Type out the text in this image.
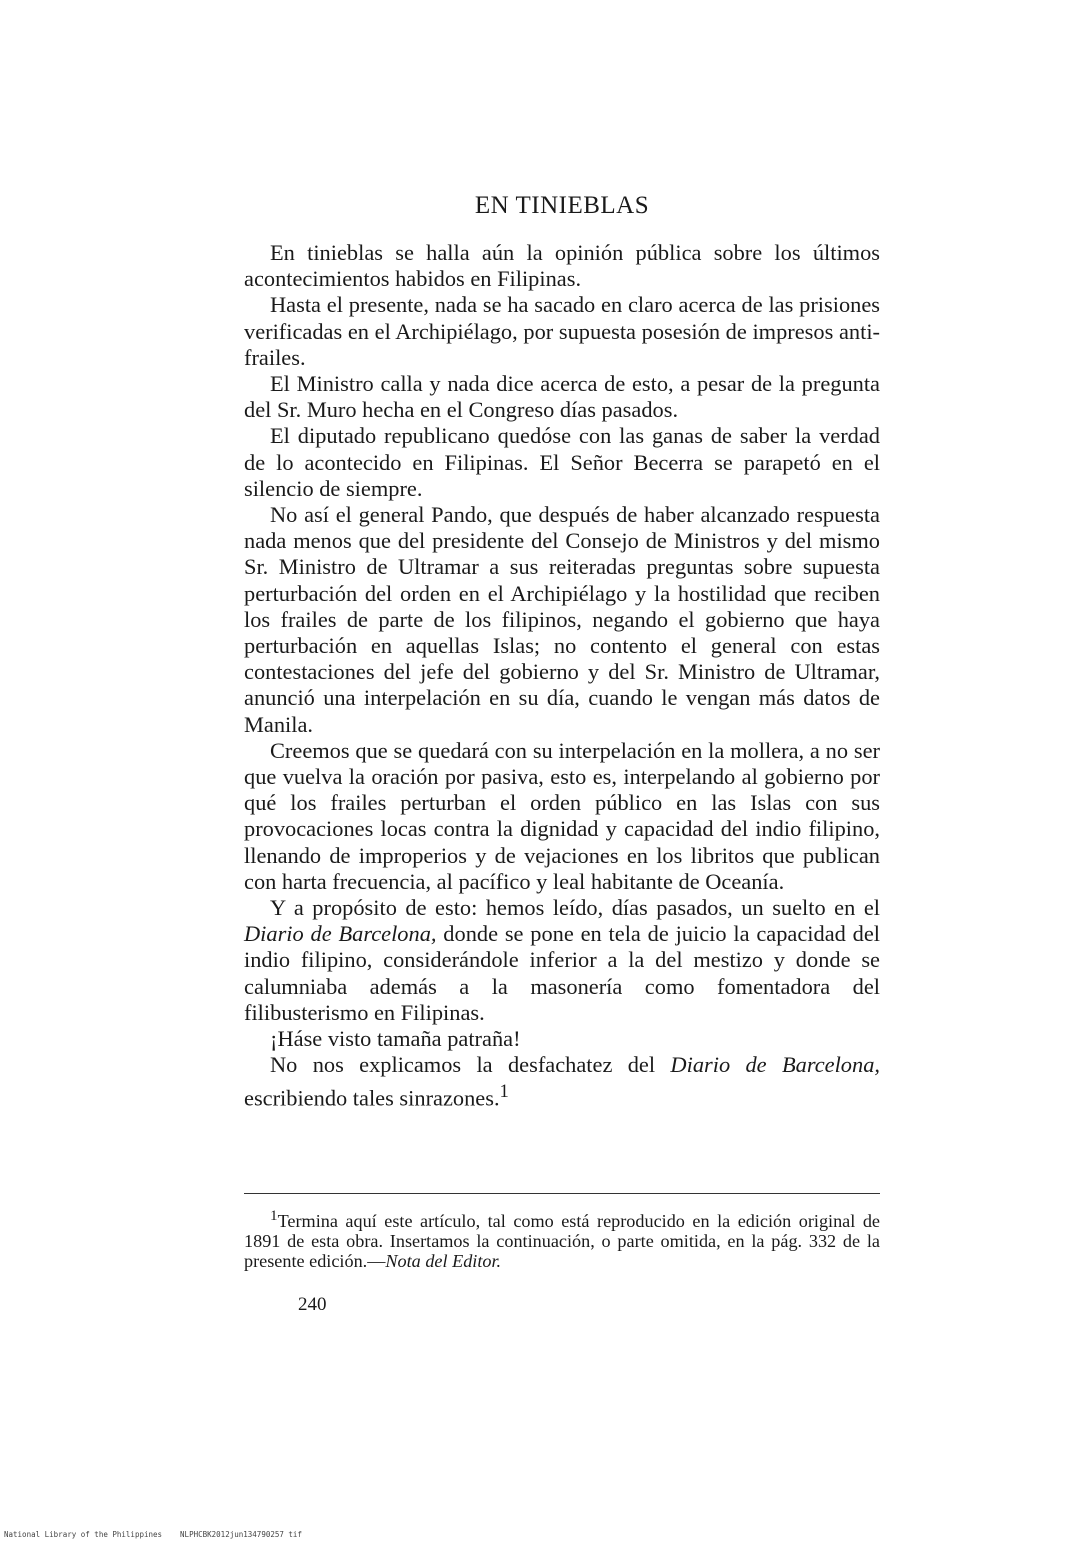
EN TINIEBLAS

En tinieblas se halla aún la opinión pública sobre los últimos acontecimientos habidos en Filipinas.

Hasta el presente, nada se ha sacado en claro acerca de las prisiones verificadas en el Archipiélago, por supuesta posesión de impresos anti-frailes.

El Ministro calla y nada dice acerca de esto, a pesar de la pregunta del Sr. Muro hecha en el Congreso días pasados.

El diputado republicano quedóse con las ganas de saber la verdad de lo acontecido en Filipinas. El Señor Becerra se parapetó en el silencio de siempre.

No así el general Pando, que después de haber alcanzado respuesta nada menos que del presidente del Consejo de Ministros y del mismo Sr. Ministro de Ultramar a sus reiteradas preguntas sobre supuesta perturbación del orden en el Archipiélago y la hostilidad que reciben los frailes de parte de los filipinos, negando el gobierno que haya perturbación en aquellas Islas; no contento el general con estas contestaciones del jefe del gobierno y del Sr. Ministro de Ultramar, anunció una interpelación en su día, cuando le vengan más datos de Manila.

Creemos que se quedará con su interpelación en la mollera, a no ser que vuelva la oración por pasiva, esto es, interpelando al gobierno por qué los frailes perturban el orden público en las Islas con sus provocaciones locas contra la dignidad y capacidad del indio filipino, llenando de improperios y de vejaciones en los libritos que publican con harta frecuencia, al pacífico y leal habitante de Oceanía.

Y a propósito de esto: hemos leído, días pasados, un suelto en el Diario de Barcelona, donde se pone en tela de juicio la capacidad del indio filipino, considerándole inferior a la del mestizo y donde se calumniaba además a la masonería como fomentadora del filibusterismo en Filipinas.

¡Háse visto tamaña patraña!

No nos explicamos la desfachatez del Diario de Barcelona, escribiendo tales sinrazones.$^1$

$^1$Termina aquí este artículo, tal como está reproducido en la edición original de 1891 de esta obra. Insertamos la continuación, o parte omitida, en la pág. 332 de la presente edición.—Nota del Editor.

240
National Library of the Philippines NLPHCBK2012jun134790257 tif
